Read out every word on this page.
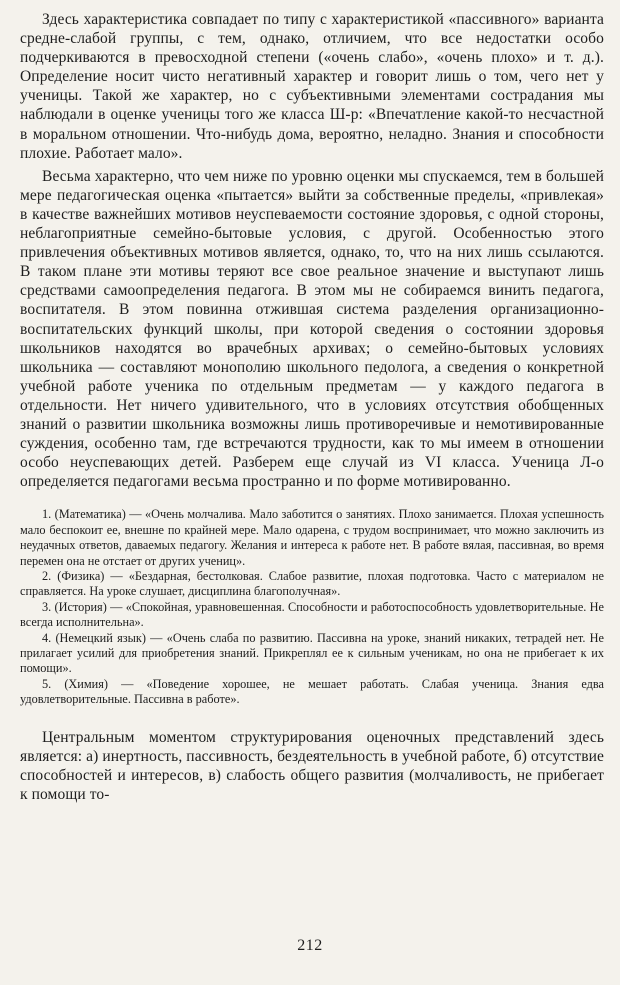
Здесь характеристика совпадает по типу с характеристикой «пассивного» варианта средне-слабой группы, с тем, однако, отличием, что все недостатки особо подчеркиваются в превосходной степени («очень слабо», «очень плохо» и т. д.). Определение носит чисто негативный характер и говорит лишь о том, чего нет у ученицы. Такой же характер, но с субъективными элементами сострадания мы наблюдали в оценке ученицы того же класса Ш-р: «Впечатление какой-то несчастной в моральном отношении. Что-нибудь дома, вероятно, неладно. Знания и способности плохие. Работает мало».

Весьма характерно, что чем ниже по уровню оценки мы спускаемся, тем в большей мере педагогическая оценка «пытается» выйти за собственные пределы, «привлекая» в качестве важнейших мотивов неуспеваемости состояние здоровья, с одной стороны, неблагоприятные семейно-бытовые условия, с другой. Особенностью этого привлечения объективных мотивов является, однако, то, что на них лишь ссылаются. В таком плане эти мотивы теряют все свое реальное значение и выступают лишь средствами самоопределения педагога. В этом мы не собираемся винить педагога, воспитателя. В этом повинна отжившая система разделения организационно-воспитательских функций школы, при которой сведения о состоянии здоровья школьников находятся во врачебных архивах; о семейно-бытовых условиях школьника — составляют монополию школьного педолога, а сведения о конкретной учебной работе ученика по отдельным предметам — у каждого педагога в отдельности. Нет ничего удивительного, что в условиях отсутствия обобщенных знаний о развитии школьника возможны лишь противоречивые и немотивированные суждения, особенно там, где встречаются трудности, как то мы имеем в отношении особо неуспевающих детей. Разберем еще случай из VI класса. Ученица Л-о определяется педагогами весьма пространно и по форме мотивированно.

1. (Математика) — «Очень молчалива. Мало заботится о занятиях. Плохо занимается. Плохая успешность мало беспокоит ее, внешне по крайней мере. Мало одарена, с трудом воспринимает, что можно заключить из неудачных ответов, даваемых педагогу. Желания и интереса к работе нет. В работе вялая, пассивная, во время перемен она не отстает от других учениц».

2. (Физика) — «Бездарная, бестолковая. Слабое развитие, плохая подготовка. Часто с материалом не справляется. На уроке слушает, дисциплина благополучная».

3. (История) — «Спокойная, уравновешенная. Способности и работоспособность удовлетворительные. Не всегда исполнительна».

4. (Немецкий язык) — «Очень слаба по развитию. Пассивна на уроке, знаний никаких, тетрадей нет. Не прилагает усилий для приобретения знаний. Прикреплял ее к сильным ученикам, но она не прибегает к их помощи».

5. (Химия) — «Поведение хорошее, не мешает работать. Слабая ученица. Знания едва удовлетворительные. Пассивна в работе».

Центральным моментом структурирования оценочных представлений здесь является: а) инертность, пассивность, бездеятельность в учебной работе, б) отсутствие способностей и интересов, в) слабость общего развития (молчаливость, не прибегает к помощи то-

212
